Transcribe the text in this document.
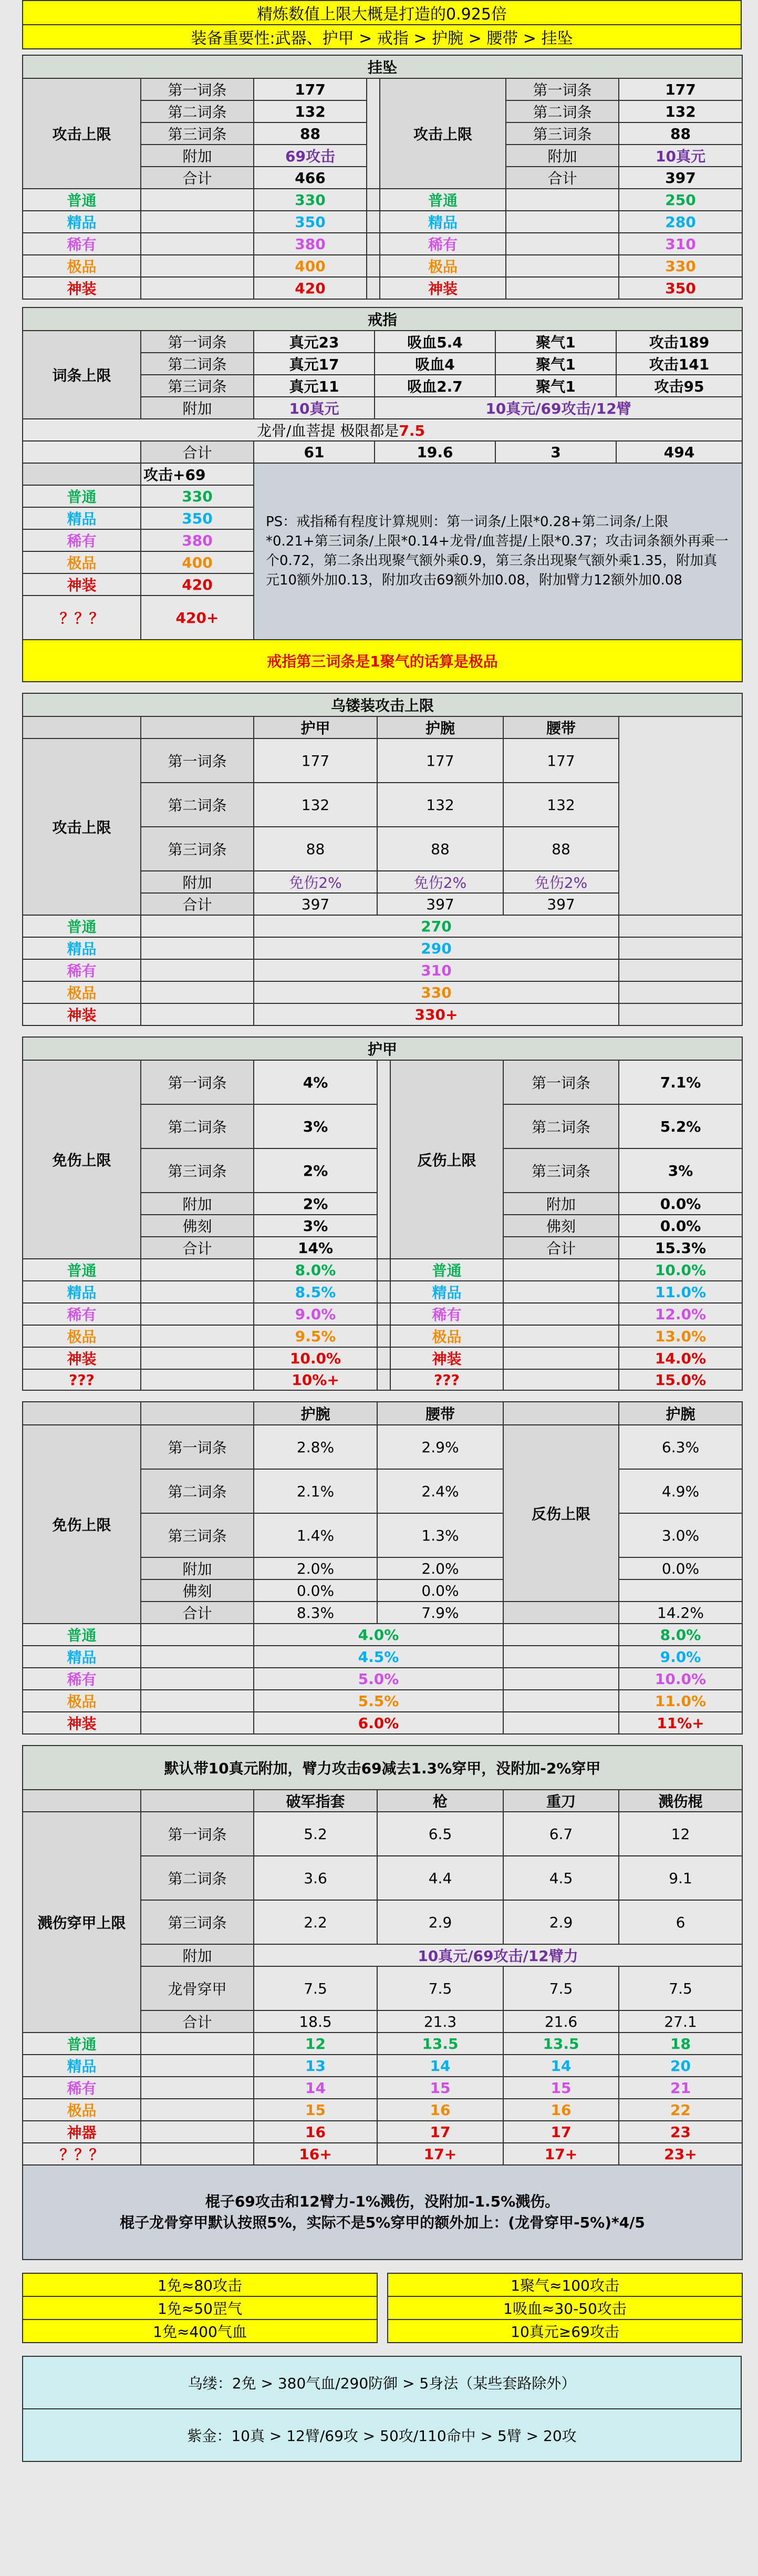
精炼数值上限大概是打造的0.925倍
装备重要性:武器、护甲 > 戒指 > 护腕 > 腰带 > 挂坠
挂坠						
攻击上限	第一词条	177		攻击上限	第一词条	177
	第二词条	132			第二词条	132
	第三词条	88			第三词条	88
	附加	69攻击			附加	10真元
	合计	466			合计	397
普通		330		普通		250
精品		350		精品		280
稀有		380		稀有		310
极品		400		极品		330
神装		420		神装		350
戒指						
词条上限	第一词条	真元23	吸血5.4	聚气1	攻击189	
	第二词条	真元17	吸血4	聚气1	攻击141	
	第三词条	真元11	吸血2.7	聚气1	攻击95	
	附加	10真元	10真元/69攻击/12臂	
		龙骨/血菩提 极限都是7.5				
	合计	61	19.6	3	494	
	攻击+69	PS：戒指稀有程度计算规则：第一词条/上限*0.28+第二词条/上限*0.21+第三词条/上限*0.14+龙骨/血菩提/上限*0.37；攻击词条额外再乘一个0.72，第二条出现聚气额外乘0.9，第三条出现聚气额外乘1.35，附加真元10额外加0.13，附加攻击69额外加0.08，附加臂力12额外加0.08				
普通	330					
精品	350					
稀有	380					
极品	400					
神装	420					
？？？	420+					
戒指第三词条是1聚气的话算是极品						
乌镂装攻击上限						
		护甲	护腕	腰带		
攻击上限	第一词条	177	177	177		
	第二词条	132	132	132		
	第三词条	88	88	88		
	附加	免伤2%	免伤2%	免伤2%		
	合计	397	397	397		
普通		270				
精品		290				
稀有		310				
极品		330				
神装		330+				
护甲						
免伤上限	第一词条	4%		反伤上限	第一词条	7.1%
	第二词条	3%			第二词条	5.2%
	第三词条	2%			第三词条	3%
	附加	2%			附加	0.0%
	佛刻	3%			佛刻	0.0%
	合计	14%			合计	15.3%
普通		8.0%		普通		10.0%
精品		8.5%		精品		11.0%
稀有		9.0%		稀有		12.0%
极品		9.5%		极品		13.0%
神装		10.0%		神装		14.0%
???		10%+		???		15.0%
		护腕	腰带		护腕
免伤上限	第一词条	2.8%	2.9%	反伤上限	6.3%
	第二词条	2.1%	2.4%		4.9%
	第三词条	1.4%	1.3%		3.0%
	附加	2.0%	2.0%		0.0%
	佛刻	0.0%	0.0%		
	合计	8.3%	7.9%		14.2%
普通		4.0%			8.0%
精品		4.5%			9.0%
稀有		5.0%			10.0%
极品		5.5%			11.0%
神装		6.0%			11%+
默认带10真元附加，臂力攻击69减去1.3%穿甲，没附加-2%穿甲					
		破军指套	枪	重刀	溅伤棍
溅伤穿甲上限	第一词条	5.2	6.5	6.7	12
	第二词条	3.6	4.4	4.5	9.1
	第三词条	2.2	2.9	2.9	6
	附加	10真元/69攻击/12臂力			
	龙骨穿甲	7.5	7.5	7.5	7.5
	合计	18.5	21.3	21.6	27.1
普通		12	13.5	13.5	18
精品		13	14	14	20
稀有		14	15	15	21
极品		15	16	16	22
神器		16	17	17	23
？？？		16+	17+	17+	23+

棍子69攻击和12臂力-1%溅伤，没附加-1.5%溅伤。
棍子龙骨穿甲默认按照5%，实际不是5%穿甲的额外加上：(龙骨穿甲-5%)*4/5					
1免≈80攻击		1聚气≈100攻击
1免≈50罡气		1吸血≈30-50攻击
1免≈400气血		10真元≥69攻击
乌缕：2免 > 380气血/290防御 > 5身法（某些套路除外）
紫金：10真 > 12臂/69攻 > 50攻/110命中 > 5臂 > 20攻
